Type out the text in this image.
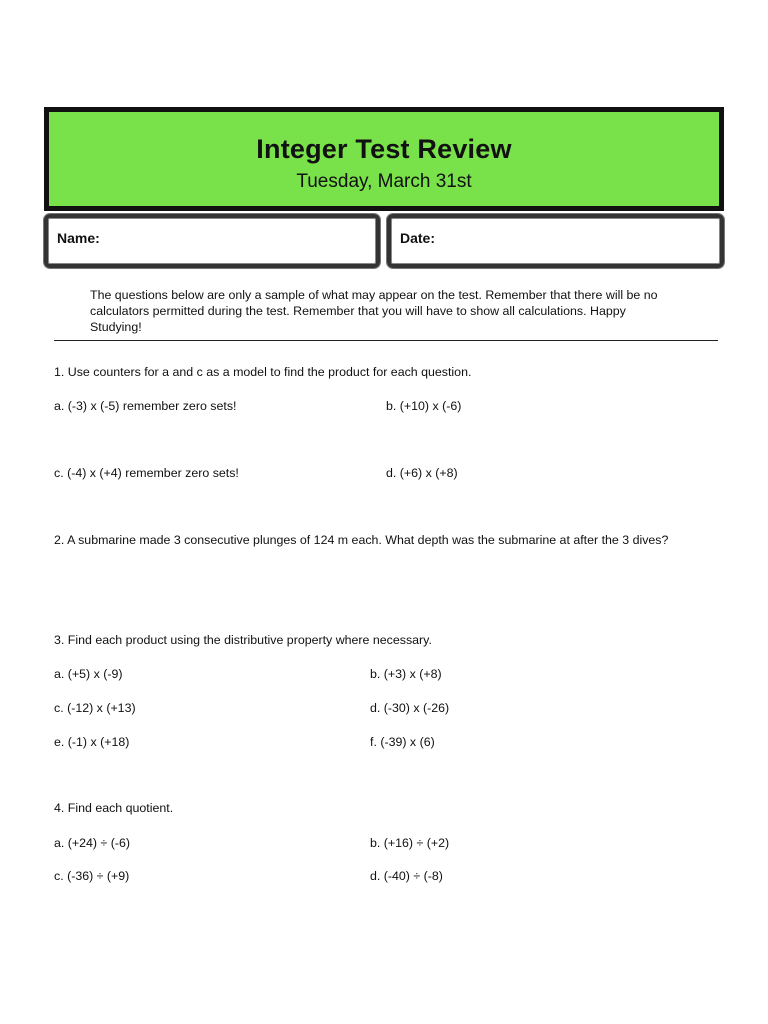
Integer Test Review
Tuesday, March 31st
Name:	Date:
The questions below are only a sample of what may appear on the test. Remember that there will be no calculators permitted during the test. Remember that you will have to show all calculations. Happy Studying!
1. Use counters for a and c as a model to find the product for each question.
a. (-3) x (-5) remember zero sets!	b. (+10) x (-6)
c. (-4) x (+4) remember zero sets!	d. (+6) x (+8)
2. A submarine made 3 consecutive plunges of 124 m each. What depth was the submarine at after the 3 dives?
3. Find each product using the distributive property where necessary.
a. (+5) x (-9)	b. (+3) x (+8)
c. (-12) x (+13)	d. (-30) x (-26)
e. (-1) x (+18)	f. (-39) x (6)
4. Find each quotient.
a. (+24) ÷ (-6)	b. (+16) ÷ (+2)
c. (-36) ÷ (+9)	d. (-40) ÷ (-8)
